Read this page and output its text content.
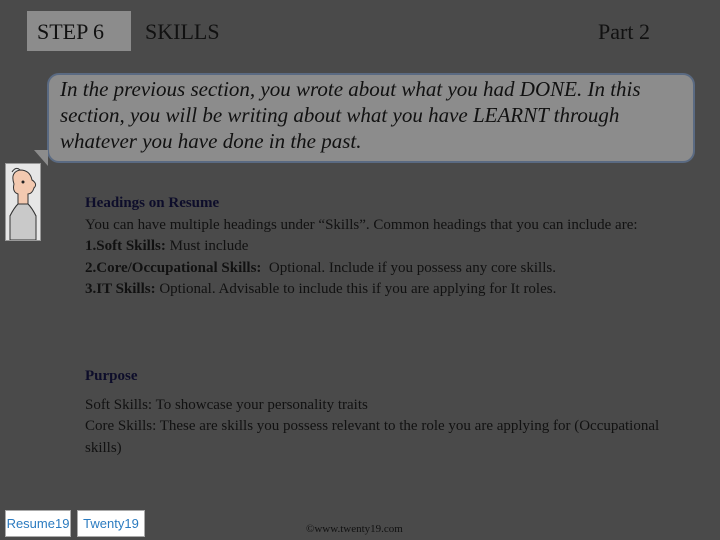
STEP 6 SKILLS	Part 2
In the previous section, you wrote about what you had DONE. In this section, you will be writing about what you have LEARNT through whatever you have done in the past.
Headings on Resume
You can have multiple headings under “Skills”. Common headings that you can include are:
1.Soft Skills: Must include
2.Core/Occupational Skills:  Optional. Include if you possess any core skills.
3.IT Skills: Optional. Advisable to include this if you are applying for It roles.
Purpose
Soft Skills: To showcase your personality traits
Core Skills: These are skills you possess relevant to the role you are applying for (Occupational skills)
Resume19	Twenty19	©www.twenty19.com
